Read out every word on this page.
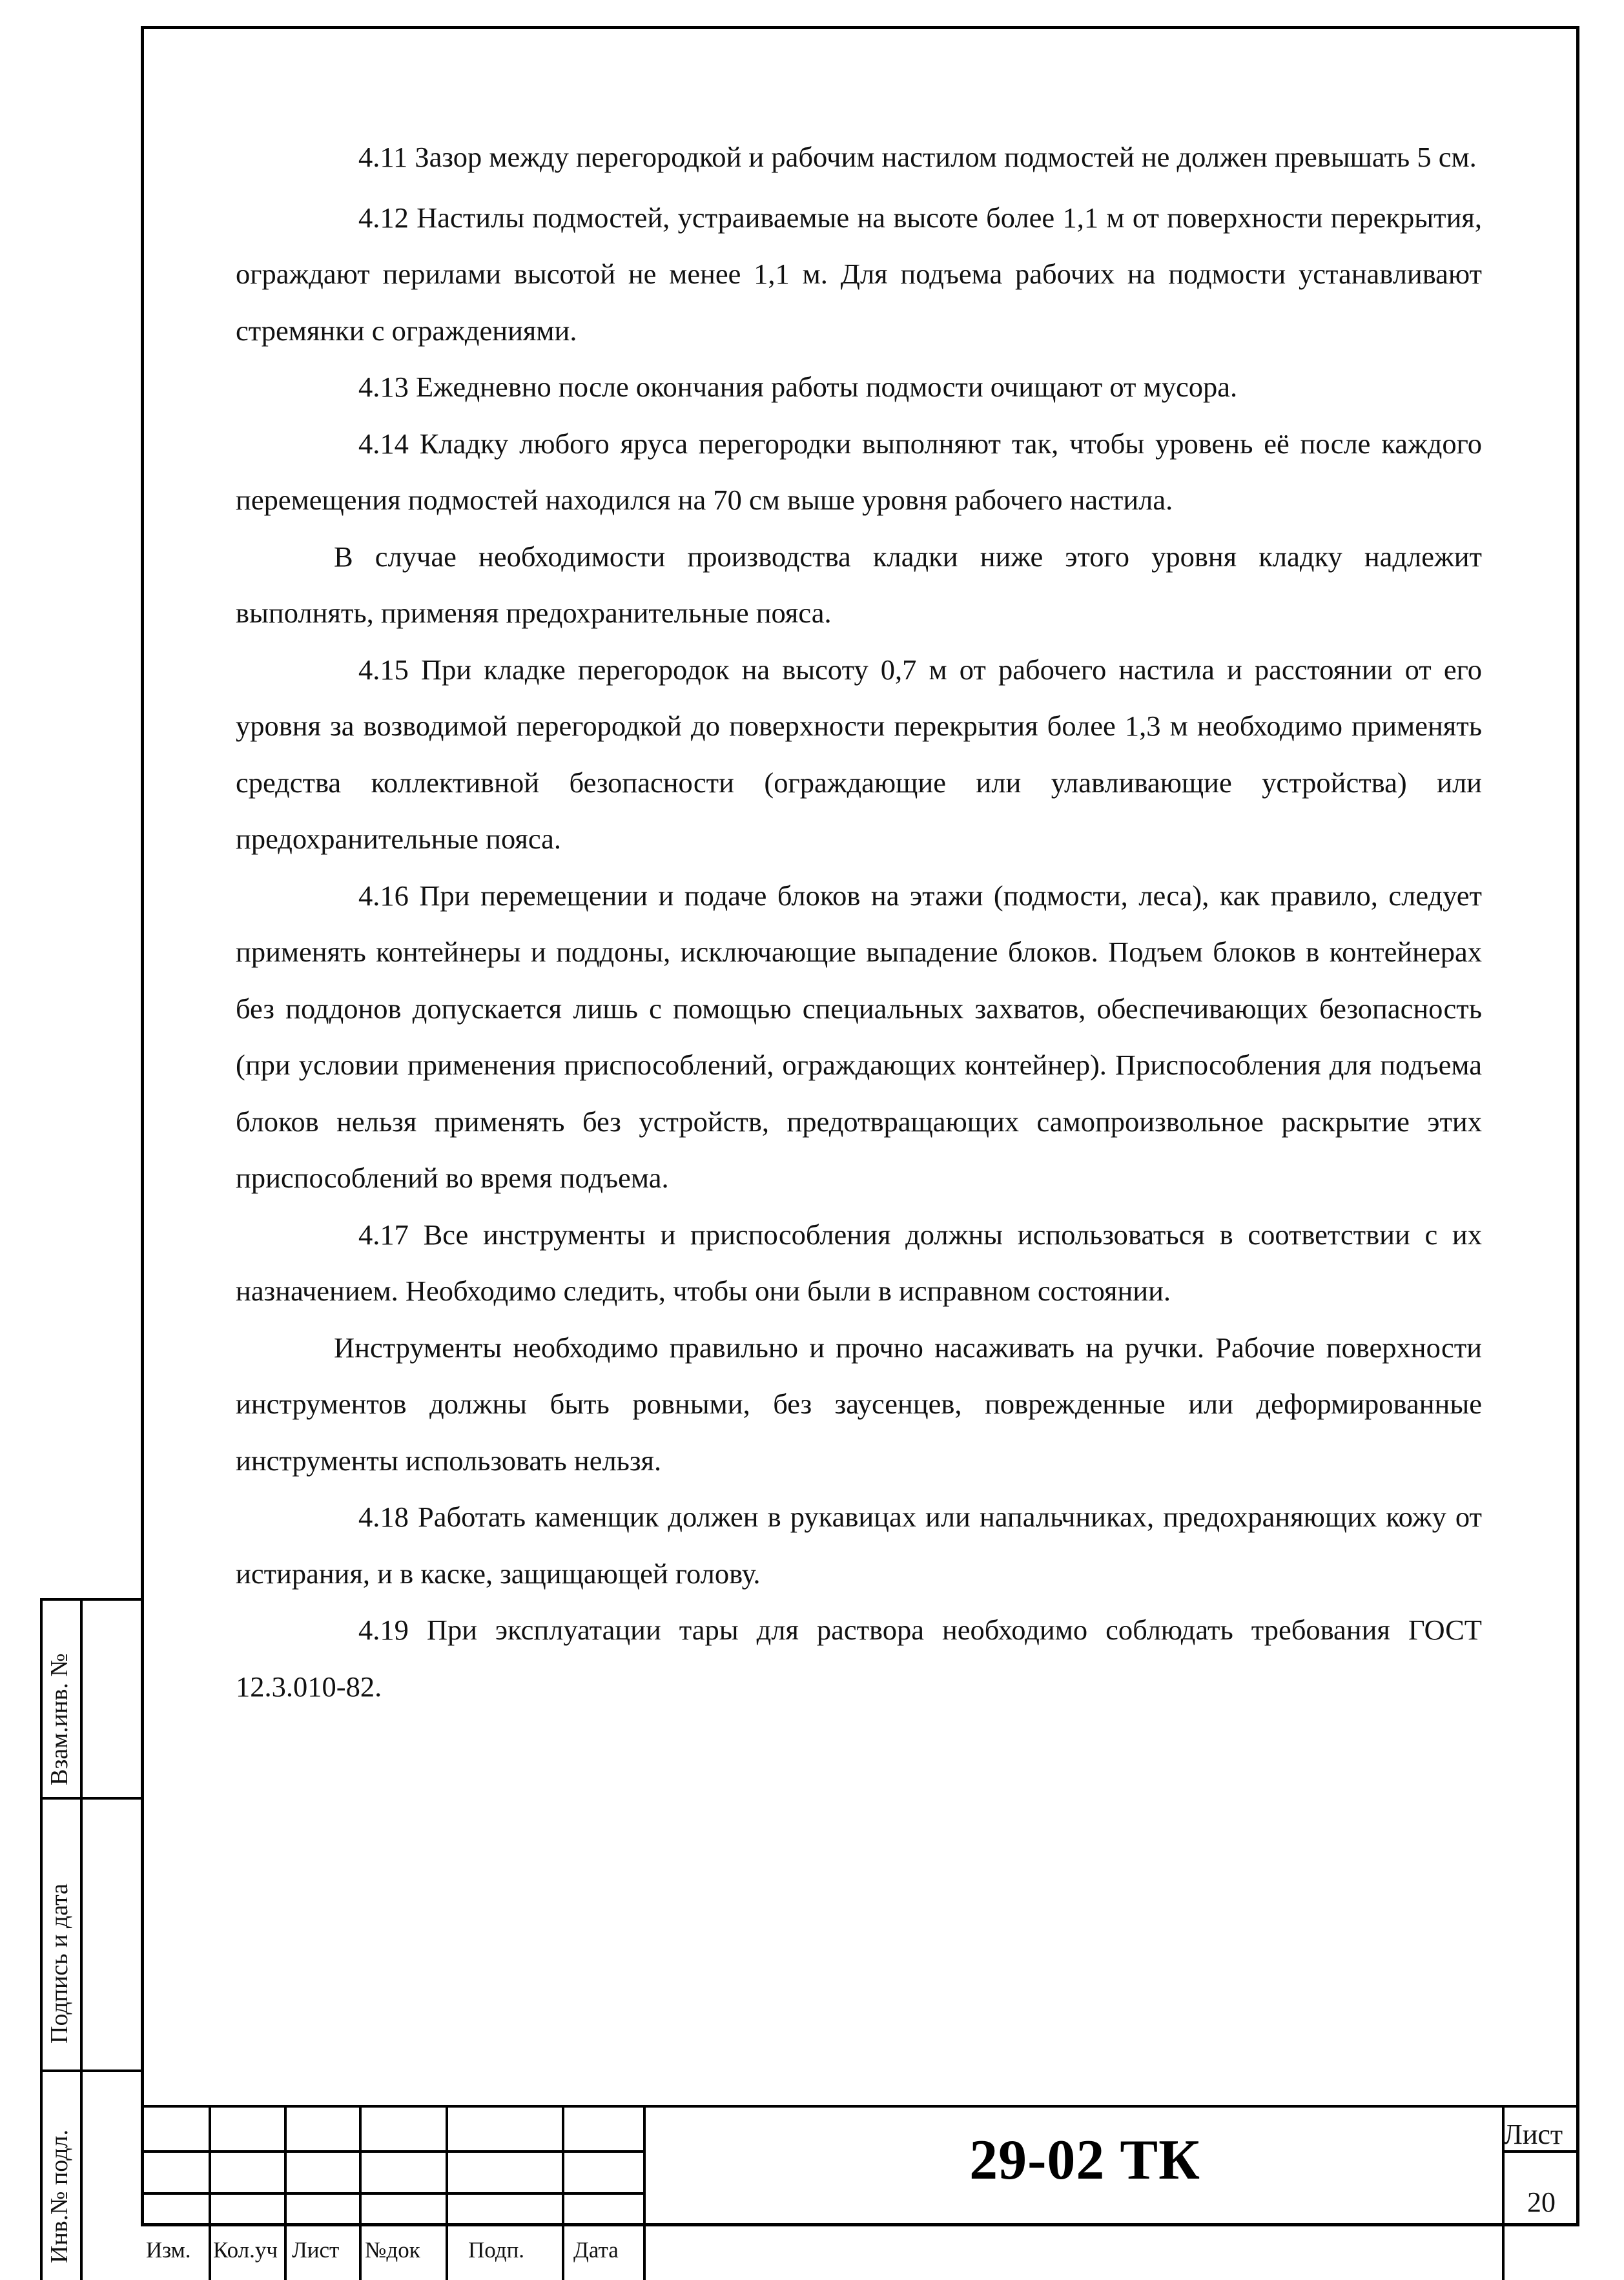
4.11 Зазор между перегородкой и рабочим настилом подмостей не должен превышать 5 см.

4.12 Настилы подмостей, устраиваемые на высоте более 1,1 м от поверхности перекрытия, ограждают перилами высотой не менее 1,1 м. Для подъема рабочих на подмости устанавливают стремянки с ограждениями.

4.13 Ежедневно после окончания работы подмости очищают от мусора.

4.14 Кладку любого яруса перегородки выполняют так, чтобы уровень её после каждого перемещения подмостей находился на 70 см выше уровня рабочего настила.

В случае необходимости производства кладки ниже этого уровня кладку надлежит выполнять, применяя предохранительные пояса.

4.15 При кладке перегородок на высоту 0,7 м от рабочего настила и расстоянии от его уровня за возводимой перегородкой до поверхности перекрытия более 1,3 м необходимо применять средства коллективной безопасности (ограждающие или улавливающие устройства) или предохранительные пояса.

4.16 При перемещении и подаче блоков на этажи (подмости, леса), как правило, следует применять контейнеры и поддоны, исключающие выпадение блоков. Подъем блоков в контейнерах без поддонов допускается лишь с помощью специальных захватов, обеспечивающих безопасность (при условии применения приспособлений, ограждающих контейнер). Приспособления для подъема блоков нельзя применять без устройств, предотвращающих самопроизвольное раскрытие этих приспособлений во время подъема.

4.17 Все инструменты и приспособления должны использоваться в соответствии с их назначением. Необходимо следить, чтобы они были в исправном состоянии.

Инструменты необходимо правильно и прочно насаживать на ручки. Рабочие поверхности инструментов должны быть ровными, без заусенцев, поврежденные или деформированные инструменты использовать нельзя.

4.18 Работать каменщик должен в рукавицах или напальчниках, предохраняющих кожу от истирания, и в каске, защищающей голову.

4.19 При эксплуатации тары для раствора необходимо соблюдать требования ГОСТ 12.3.010-82.

Взам.инв. №
Подпись и дата
Инв.№ подл.	Изм. Кол.уч Лист №док Подп. Дата
29-02 ТК	Лист
20
